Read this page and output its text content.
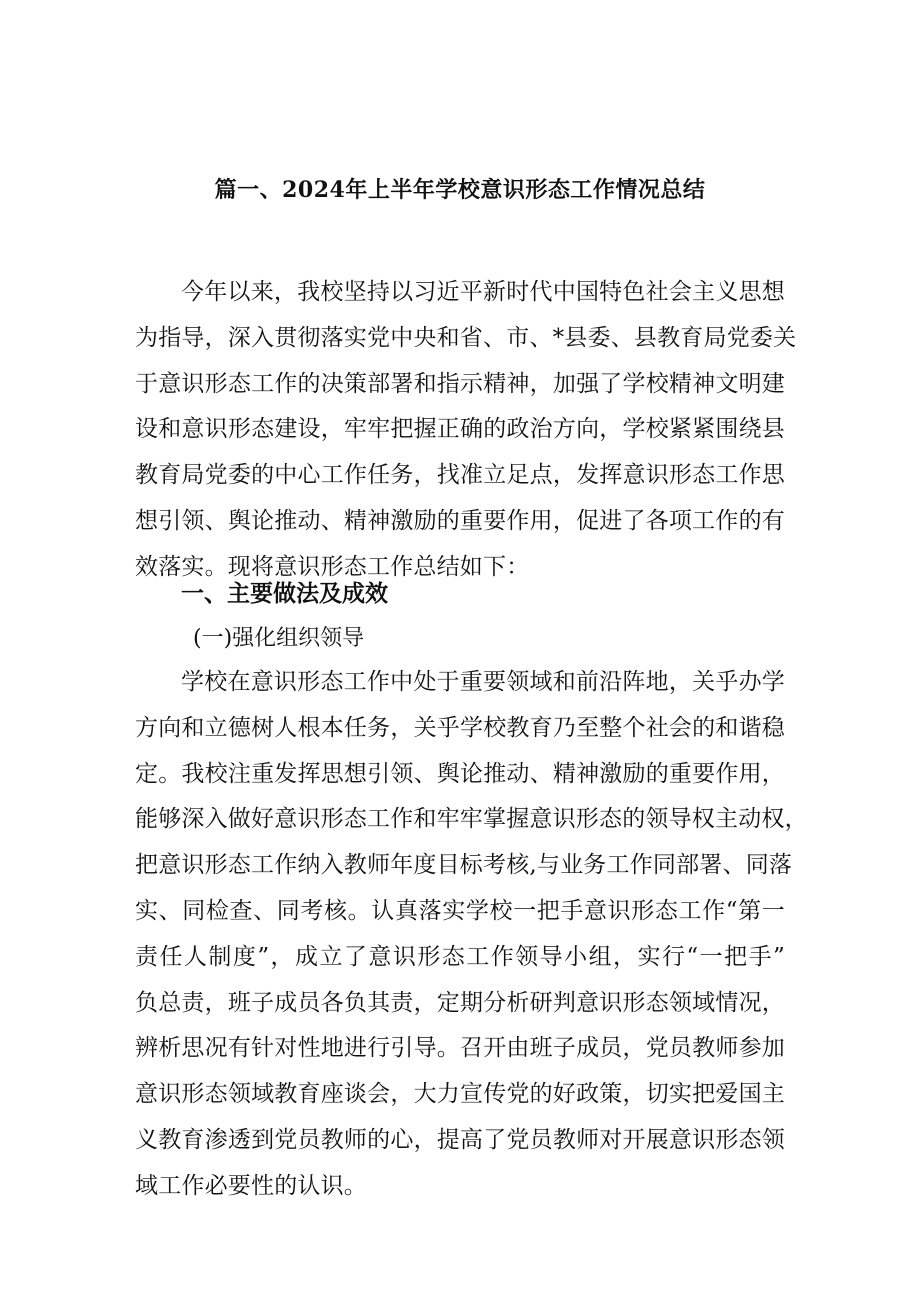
篇一、2024年上半年学校意识形态工作情况总结
今年以来，我校坚持以习近平新时代中国特色社会主义思想
为指导，深入贯彻落实党中央和省、市、*县委、县教育局党委关
于意识形态工作的决策部署和指示精神，加强了学校精神文明建
设和意识形态建设，牢牢把握正确的政治方向，学校紧紧围绕县
教育局党委的中心工作任务，找准立足点，发挥意识形态工作思
想引领、舆论推动、精神激励的重要作用，促进了各项工作的有
效落实。现将意识形态工作总结如下：
一、主要做法及成效
(一)强化组织领导
学校在意识形态工作中处于重要领域和前沿阵地，关乎办学
方向和立德树人根本任务，关乎学校教育乃至整个社会的和谐稳
定。我校注重发挥思想引领、舆论推动、精神激励的重要作用，
能够深入做好意识形态工作和牢牢掌握意识形态的领导权主动权，
把意识形态工作纳入教师年度目标考核,与业务工作同部署、同落
实、同检查、同考核。认真落实学校一把手意识形态工作“第一
责任人制度”，成立了意识形态工作领导小组，实行“一把手”
负总责，班子成员各负其责，定期分析研判意识形态领域情况，
辨析思况有针对性地进行引导。召开由班子成员，党员教师参加
意识形态领域教育座谈会，大力宣传党的好政策，切实把爱国主
义教育渗透到党员教师的心，提高了党员教师对开展意识形态领
域工作必要性的认识。
